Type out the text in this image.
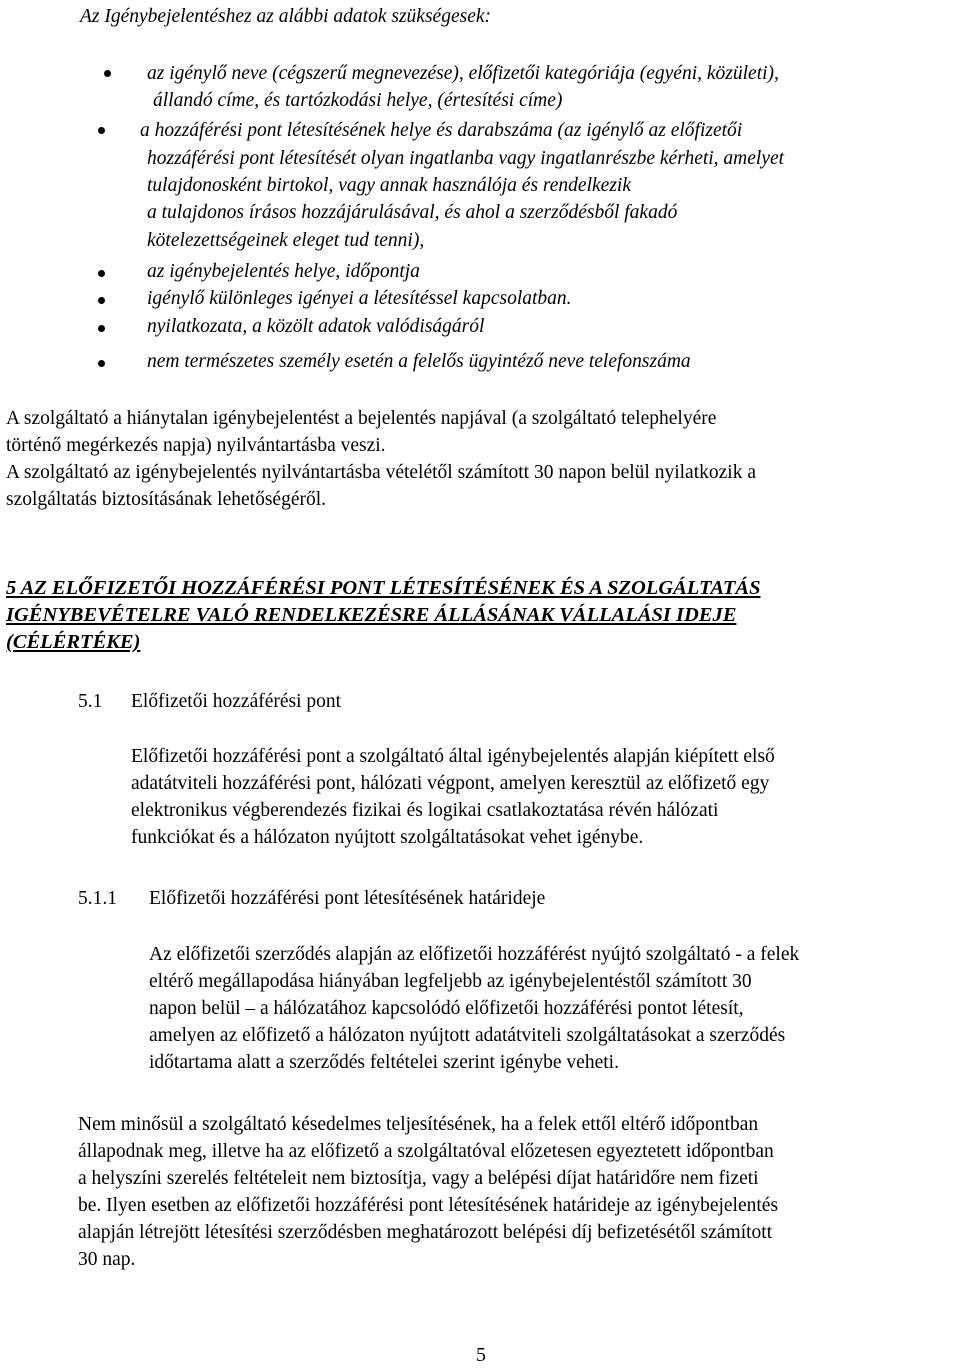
Az Igénybejelentéshez az alábbi adatok szükségesek:
az igénylő neve (cégszerű megnevezése), előfizetői kategóriája (egyéni, közületi),
állandó címe, és tartózkodási helye, (értesítési címe)
a hozzáférési pont létesítésének helye és darabszáma (az igénylő az előfizetői
hozzáférési pont létesítését olyan ingatlanba vagy ingatlanrészbe kérheti, amelyet
tulajdonosként birtokol, vagy annak használója és rendelkezik
a tulajdonos írásos hozzájárulásával, és ahol a szerződésből fakadó
kötelezettségeinek eleget tud tenni),
az igénybejelentés helye, időpontja
igénylő különleges igényei a létesítéssel kapcsolatban.
nyilatkozata, a közölt adatok valódiságáról
nem természetes személy esetén a felelős ügyintéző neve telefonszáma
A szolgáltató a hiánytalan igénybejelentést a bejelentés napjával (a szolgáltató telephelyére
történő megérkezés napja) nyilvántartásba veszi.
A szolgáltató az igénybejelentés nyilvántartásba vételétől számított 30 napon belül nyilatkozik a
szolgáltatás biztosításának lehetőségéről.
5 AZ ELŐFIZETŐI HOZZÁFÉRÉSI PONT LÉTESÍTÉSÉNEK ÉS A SZOLGÁLTATÁS
IGÉNYBEVÉTELRE VALÓ RENDELKEZÉSRE ÁLLÁSÁNAK VÁLLALÁSI IDEJE
(CÉLÉRTÉKE)
5.1 Előfizetői hozzáférési pont
Előfizetői hozzáférési pont a szolgáltató által igénybejelentés alapján kiépített első
adatátviteli hozzáférési pont, hálózati végpont, amelyen keresztül az előfizető egy
elektronikus végberendezés fizikai és logikai csatlakoztatása révén hálózati
funkciókat és a hálózaton nyújtott szolgáltatásokat vehet igénybe.
5.1.1 Előfizetői hozzáférési pont létesítésének határideje
Az előfizetői szerződés alapján az előfizetői hozzáférést nyújtó szolgáltató - a felek
eltérő megállapodása hiányában legfeljebb az igénybejelentéstől számított 30
napon belül – a hálózatához kapcsolódó előfizetői hozzáférési pontot létesít,
amelyen az előfizető a hálózaton nyújtott adatátviteli szolgáltatásokat a szerződés
időtartama alatt a szerződés feltételei szerint igénybe veheti.
Nem minősül a szolgáltató késedelmes teljesítésének, ha a felek ettől eltérő időpontban
állapodnak meg, illetve ha az előfizető a szolgáltatóval előzetesen egyeztetett időpontban
a helyszíni szerelés feltételeit nem biztosítja, vagy a belépési díjat határidőre nem fizeti
be. Ilyen esetben az előfizetői hozzáférési pont létesítésének határideje az igénybejelentés
alapján létrejött létesítési szerződésben meghatározott belépési díj befizetésétől számított
30 nap.
5
